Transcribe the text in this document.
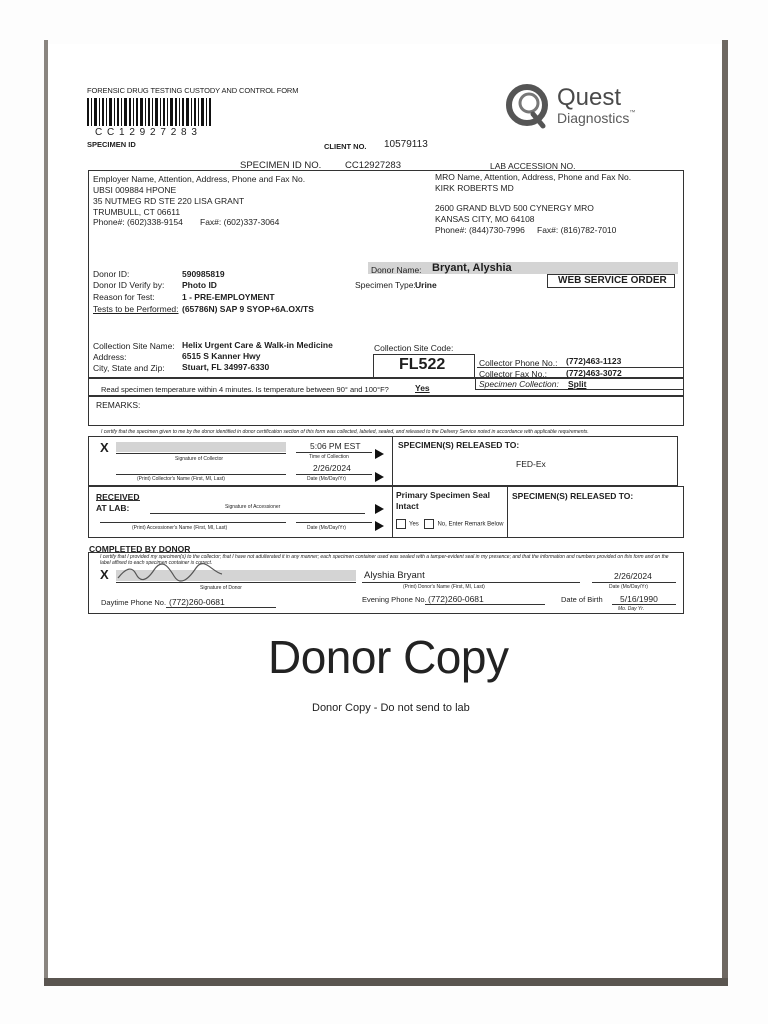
FORENSIC DRUG TESTING CUSTODY AND CONTROL FORM
C C 1 2 9 2 7 2 8 3
SPECIMEN ID	CLIENT NO. 10579113
Quest
Diagnostics™
SPECIMEN ID NO. CC12927283	LAB ACCESSION NO.
Employer Name, Attention, Address, Phone and Fax No.
UBSI 009884 HPONE
35 NUTMEG RD STE 220 LISA GRANT
TRUMBULL, CT 06611
Phone#: (602)338-9154 Fax#: (602)337-3064
MRO Name, Attention, Address, Phone and Fax No.
KIRK ROBERTS MD
2600 GRAND BLVD 500 CYNERGY MRO
KANSAS CITY, MO 64108
Phone#: (844)730-7996 Fax#: (816)782-7010
Donor ID:	590985819
Donor ID Verify by: Photo ID
Reason for Test:	1 - PRE-EMPLOYMENT
Tests to be Performed: (65786N) SAP 9 SYOP+6A.OX/TS
Donor Name: Bryant, Alyshia
Specimen Type: Urine	WEB SERVICE ORDER
Collection Site Name: Helix Urgent Care & Walk-in Medicine
Address:	6515 S Kanner Hwy
City, State and Zip: Stuart, FL 34997-6330
Collection Site Code:
FL522	Collector Phone No.: (772)463-1123
Collector Fax No.: (772)463-3072
Read specimen temperature within 4 minutes. Is temperature between 90° and 100°F?	Yes	Specimen Collection: Split
REMARKS:
I certify that the specimen given to me by the donor identified in donor certification section of this form was collected, labeled, sealed, and released to the Delivery Service noted in accordance with applicable requirements.
X
Signature of Collector
5:06 PM EST
Time of Collection
2/26/2024
Date (Mo/Day/Yr)
(Print) Collector's Name (First, MI, Last)
SPECIMEN(S) RELEASED TO:
FED-Ex
RECEIVED
AT LAB:	Signature of Accessioner
(Print) Accessioner's Name (First, MI, Last)	Date (Mo/Day/Yr)
Primary Specimen Seal
Intact
Yes	No, Enter Remark Below
SPECIMEN(S) RELEASED TO:
COMPLETED BY DONOR
I certify that I provided my specimen(s) to the collector; that I have not adulterated it in any manner; each specimen container used was sealed with a tamper-evident seal in my presence; and that the information and numbers provided on this form and on the label affixed to each specimen container is correct.
X
Signature of Donor
Alyshia Bryant
(Print) Donor's Name (First, MI, Last)
2/26/2024
Date (Mo/Day/Yr)
Daytime Phone No. (772)260-0681	Evening Phone No. (772)260-0681	Date of Birth 5/16/1990
Mo. Day Yr.
Donor Copy
Donor Copy - Do not send to lab
